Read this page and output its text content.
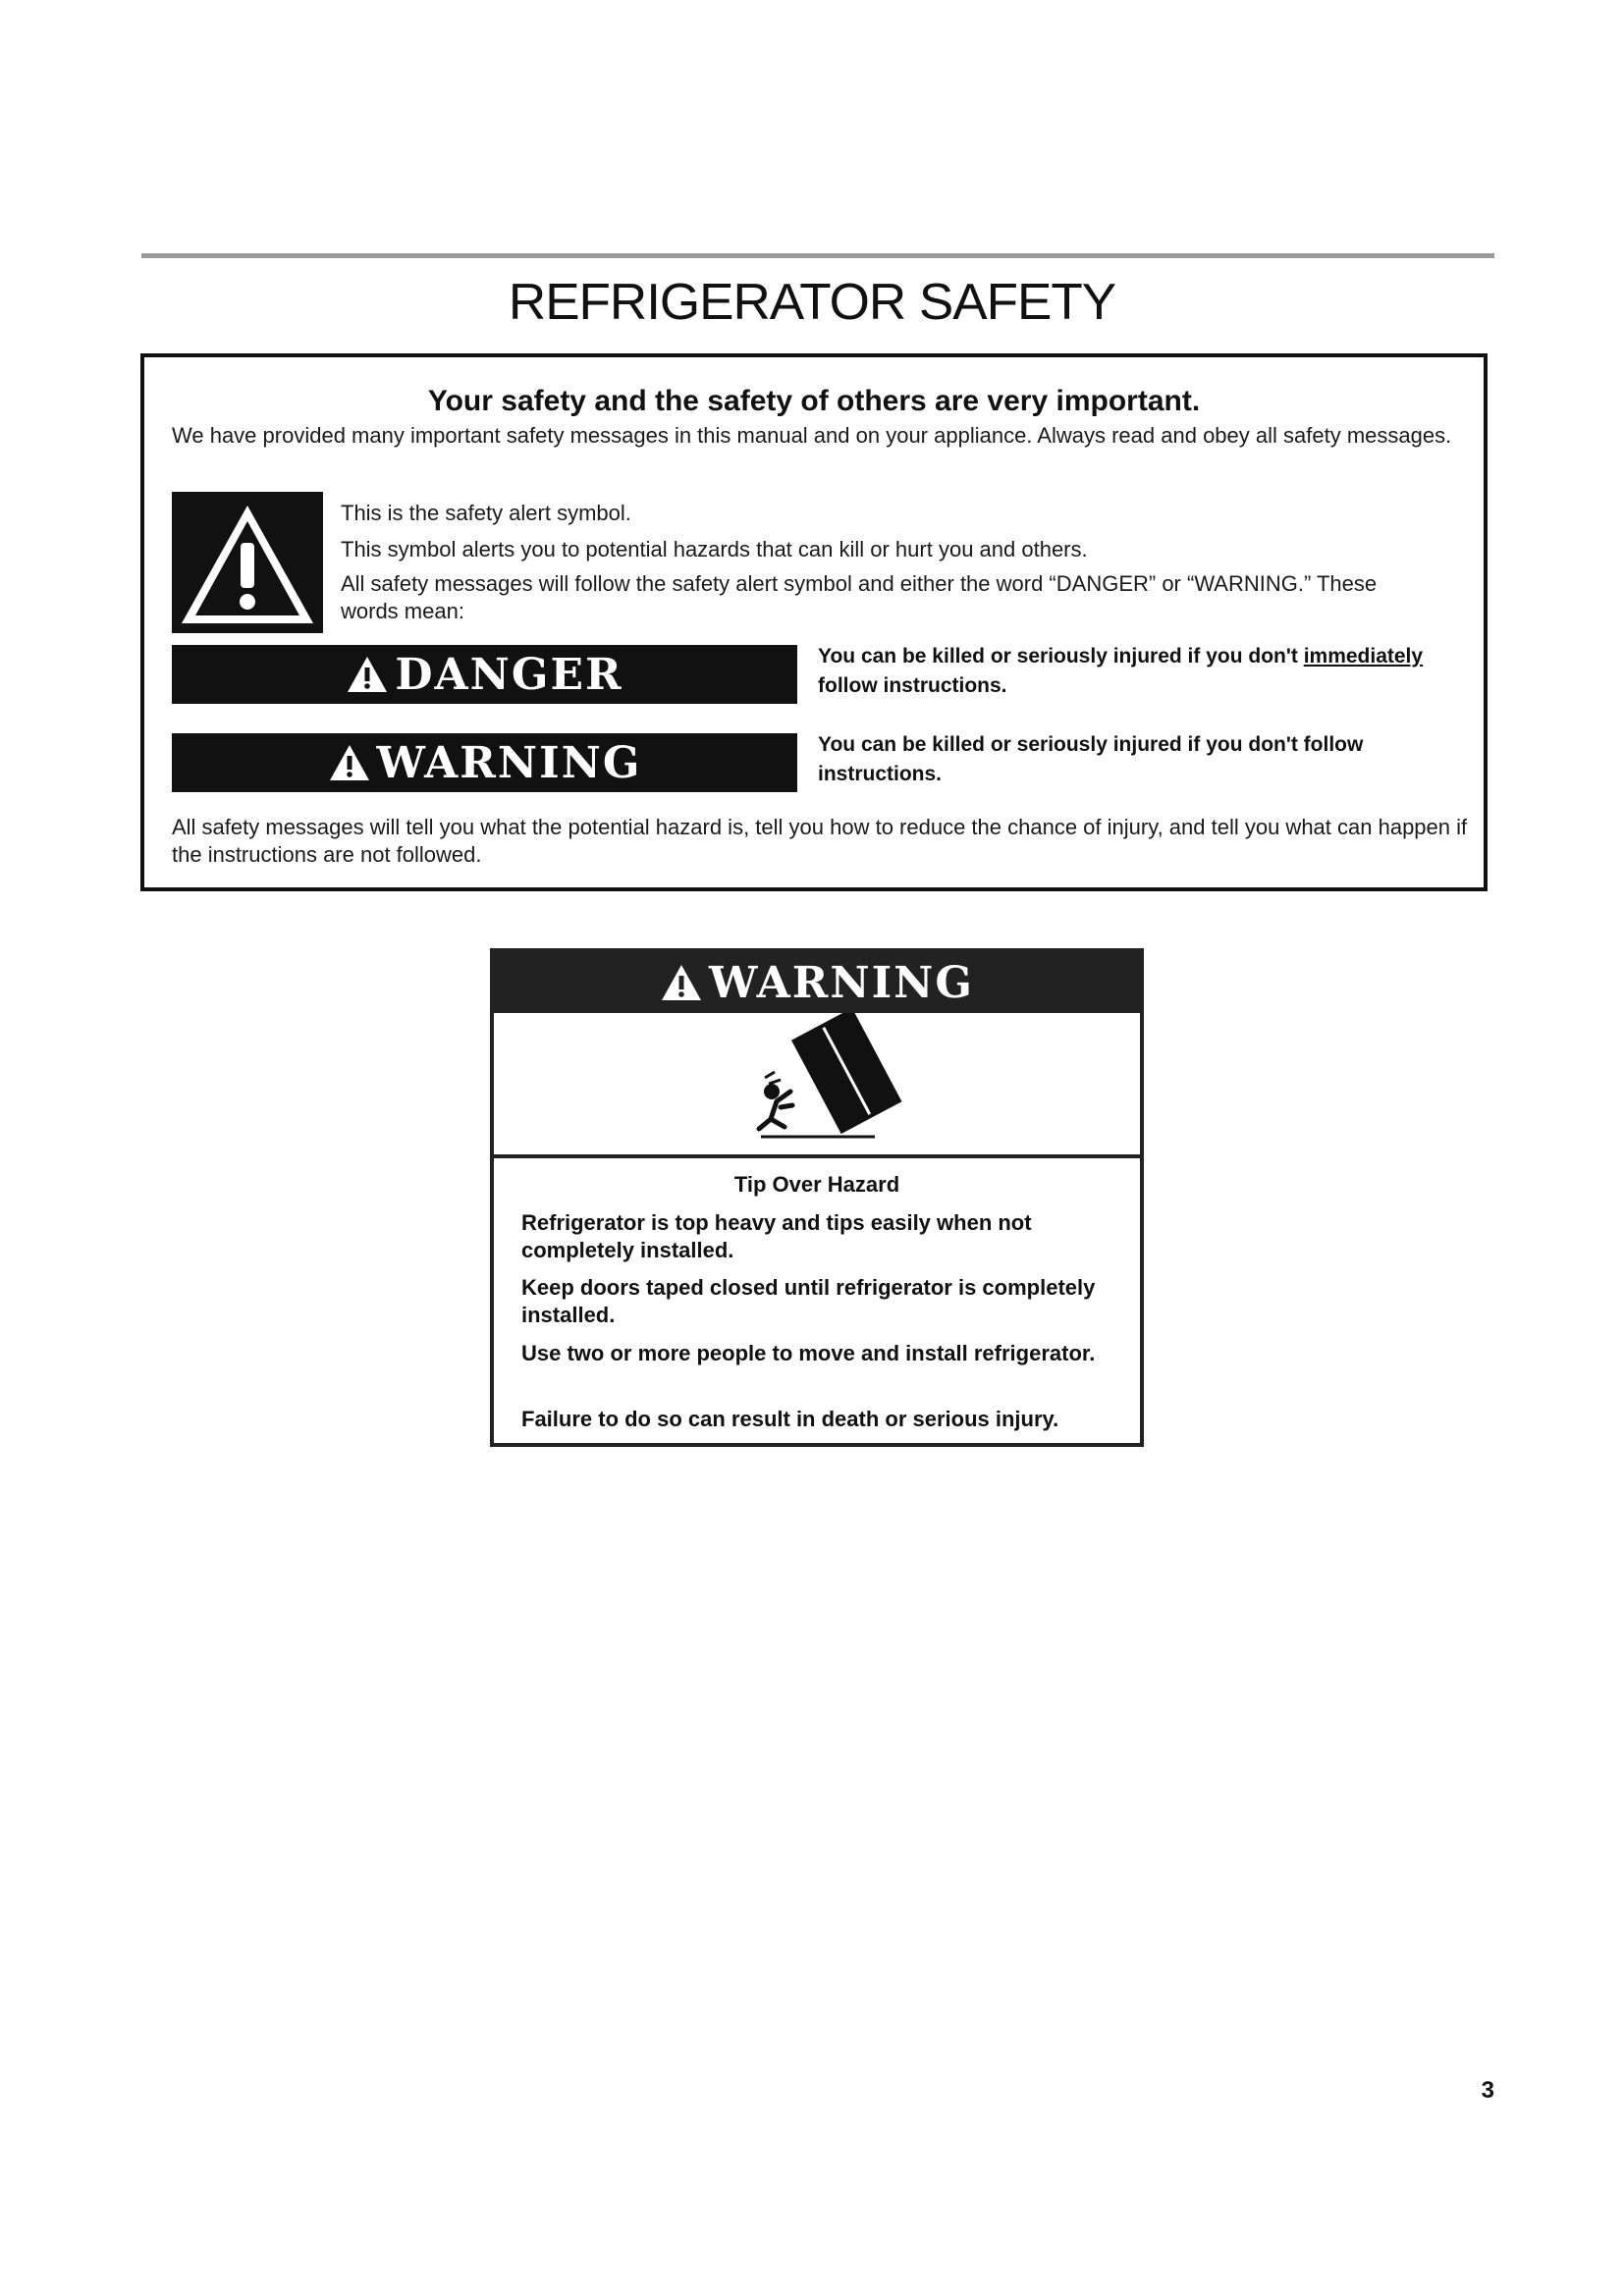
REFRIGERATOR SAFETY
Your safety and the safety of others are very important.
We have provided many important safety messages in this manual and on your appliance. Always read and obey all safety messages.
This is the safety alert symbol.
This symbol alerts you to potential hazards that can kill or hurt you and others.
All safety messages will follow the safety alert symbol and either the word “DANGER” or “WARNING.” These words mean:
DANGER	You can be killed or seriously injured if you don't immediately follow instructions.
WARNING	You can be killed or seriously injured if you don't follow instructions.
All safety messages will tell you what the potential hazard is, tell you how to reduce the chance of injury, and tell you what can happen if the instructions are not followed.
WARNING
Tip Over Hazard
Refrigerator is top heavy and tips easily when not completely installed.
Keep doors taped closed until refrigerator is completely installed.
Use two or more people to move and install refrigerator.
Failure to do so can result in death or serious injury.
3
